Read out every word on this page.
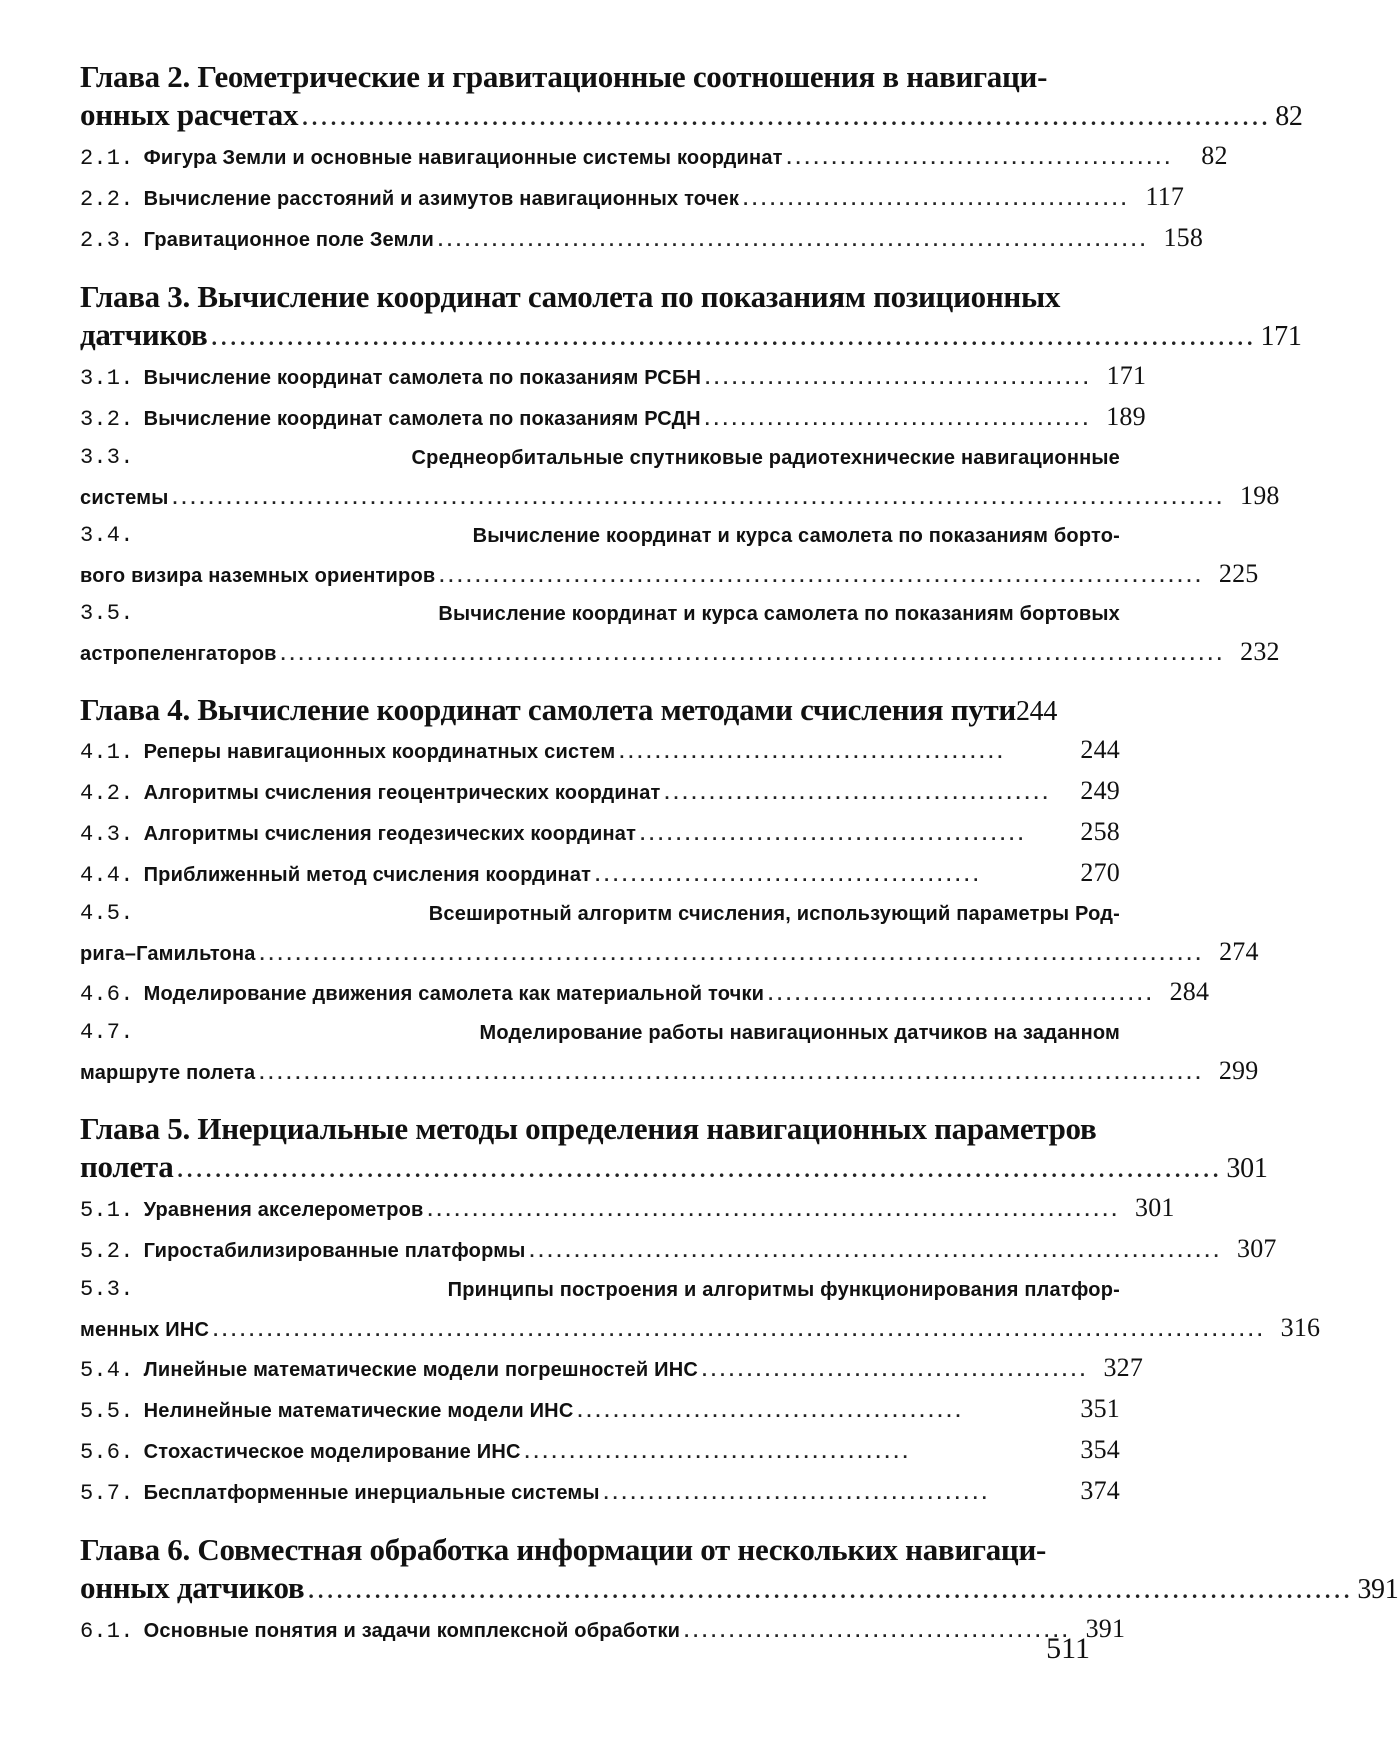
Глава 2. Геометрические и гравитационные соотношения в навигаци-
онных расчетах ...................................................................................................... 82
2.1. Фигура Земли и основные навигационные системы координат ...........................................	82
2.2. Вычисление расстояний и азимутов навигационных точек ........................................... 117
2.3. Гравитационное поле Земли ............................................................................... 158
Глава 3. Вычисление координат самолета по показаниям позиционных
датчиков .............................................................................................................. 171
3.1. Вычисление координат самолета по показаниям РСБН ........................................... 171
3.2. Вычисление координат самолета по показаниям РСДН ........................................... 189
3.3.	Среднеорбитальные спутниковые радиотехнические навигационные
системы ..................................................................................................................... 198
3.4.	Вычисление координат и курса самолета по показаниям борто-
вого визира наземных ориентиров ..................................................................................... 225
3.5.	Вычисление координат и курса самолета по показаниям бортовых
астропеленгаторов ......................................................................................................... 232
Глава 4. Вычисление координат самолета методами счисления пути 244
4.1. Реперы навигационных координатных систем ...........................................	244
4.2. Алгоритмы счисления геоцентрических координат ...........................................	249
4.3. Алгоритмы счисления геодезических координат ...........................................	258
4.4. Приближенный метод счисления координат ...........................................	270
4.5.	Всеширотный алгоритм счисления, использующий параметры Род-
рига–Гамильтона ......................................................................................................... 274
4.6. Моделирование движения самолета как материальной точки ........................................... 284
4.7.	Моделирование работы навигационных датчиков на заданном
маршруте полета ......................................................................................................... 299
Глава 5. Инерциальные методы определения навигационных параметров
полета .............................................................................................................. 301
5.1. Уравнения акселерометров ............................................................................. 301
5.2. Гиростабилизированные платформы ............................................................................. 307
5.3.	Принципы построения и алгоритмы функционирования платфор-
менных ИНС ..................................................................................................................... 316
5.4. Линейные математические модели погрешностей ИНС ........................................... 327
5.5. Нелинейные математические модели ИНС ...........................................	351
5.6. Стохастическое моделирование ИНС ...........................................	354
5.7. Бесплатформенные инерциальные системы ...........................................	374
Глава 6. Совместная обработка информации от нескольких навигаци-
онных датчиков .............................................................................................................. 391
6.1. Основные понятия и задачи комплексной обработки ........................................... 391
511
